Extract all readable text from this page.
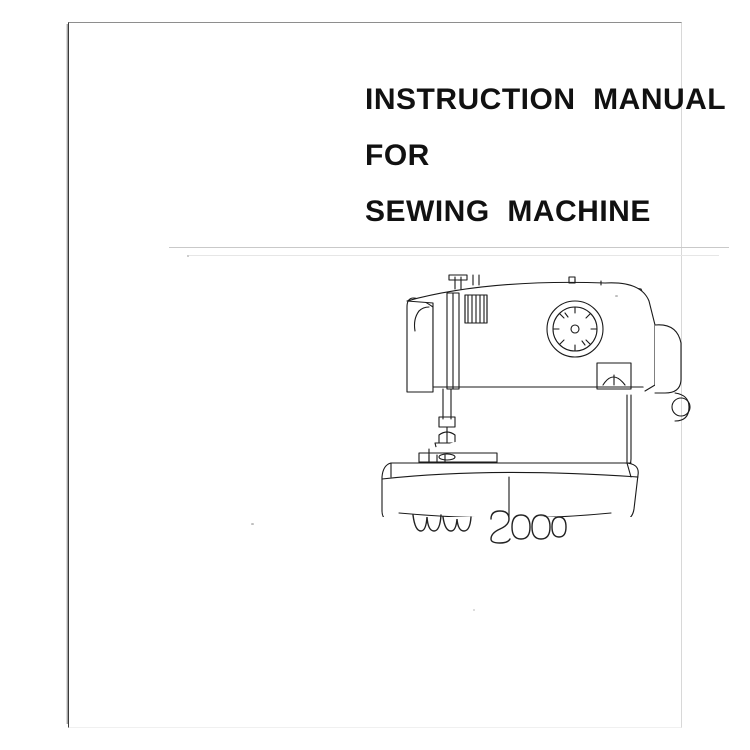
INSTRUCTION  MANUAL
FOR
SEWING  MACHINE
